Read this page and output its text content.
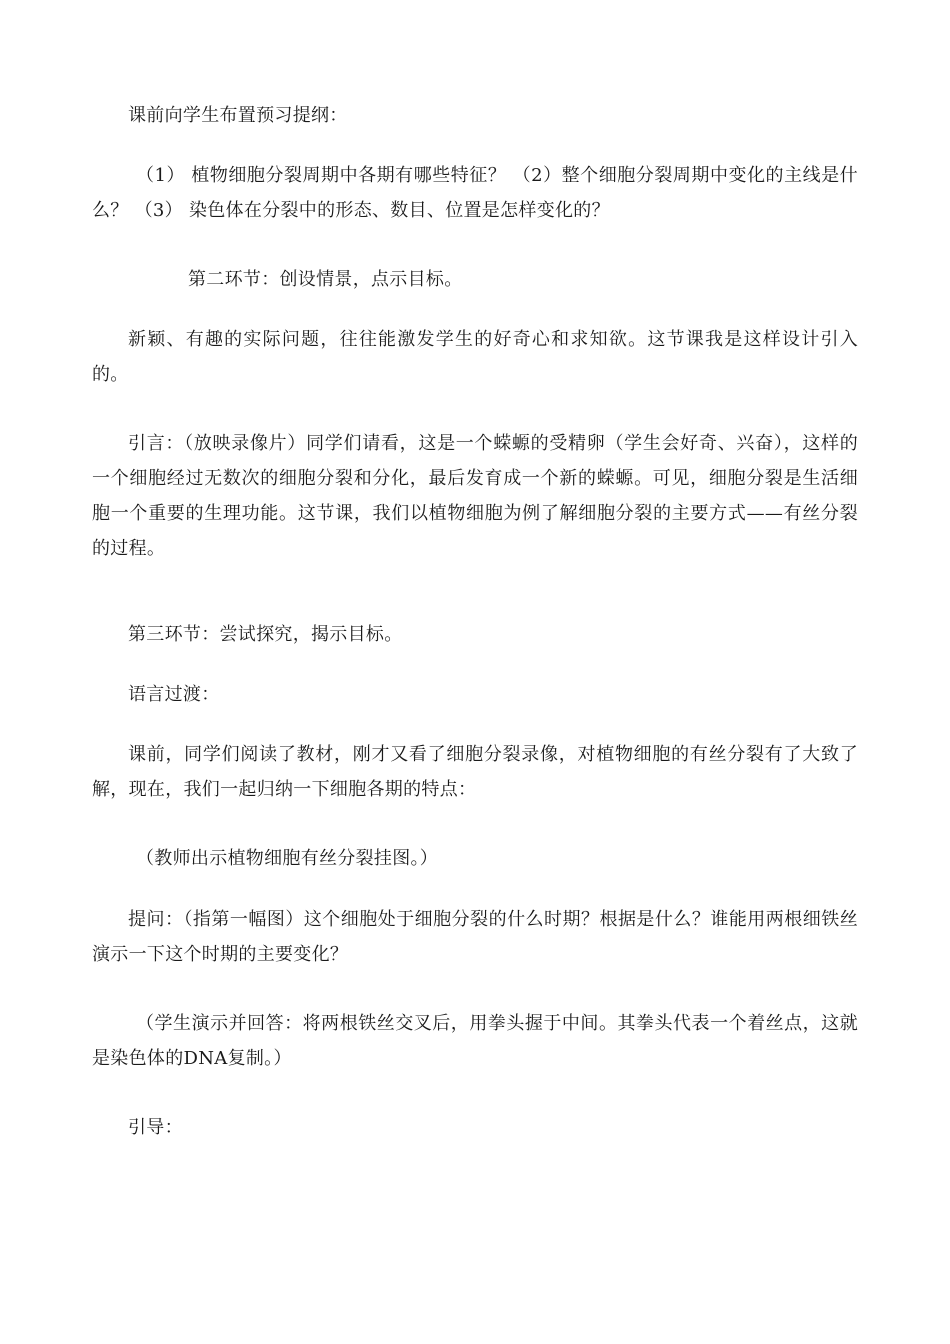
课前向学生布置预习提纲：

（1） 植物细胞分裂周期中各期有哪些特征？ （2）整个细胞分裂周期中变化的主线是什么？ （3） 染色体在分裂中的形态、数目、位置是怎样变化的？

第二环节：创设情景，点示目标。

新颖、有趣的实际问题，往往能激发学生的好奇心和求知欲。这节课我是这样设计引入的。

引言：（放映录像片）同学们请看，这是一个蝾螈的受精卵（学生会好奇、兴奋），这样的一个细胞经过无数次的细胞分裂和分化，最后发育成一个新的蝾螈。可见，细胞分裂是生活细胞一个重要的生理功能。这节课，我们以植物细胞为例了解细胞分裂的主要方式——有丝分裂的过程。

第三环节：尝试探究，揭示目标。

语言过渡：

课前，同学们阅读了教材，刚才又看了细胞分裂录像，对植物细胞的有丝分裂有了大致了解，现在，我们一起归纳一下细胞各期的特点：

（教师出示植物细胞有丝分裂挂图。）

提问：（指第一幅图）这个细胞处于细胞分裂的什么时期？根据是什么？谁能用两根细铁丝演示一下这个时期的主要变化？

（学生演示并回答：将两根铁丝交叉后，用拳头握于中间。其拳头代表一个着丝点，这就是染色体的DNA复制。）

引导：
